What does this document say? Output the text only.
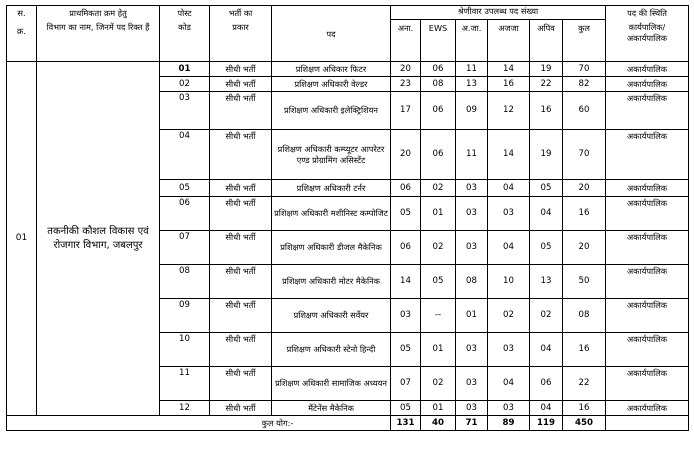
स.	प्राथमिकता क्रम हेतु	पोस्ट	भर्ती का	पद	श्रेणीवार उपलब्ध पद संख्या						पद की स्थिति
क्र.	विभाग का नाम, जिनमें पद रिक्त हैं	कोड	प्रकार		अना.	EWS	अ.जा.	अजजा	अपिव	कुल	कार्यपालिक/ अकार्यपालिक
01	तकनीकी कौशल विकास एवं रोजगार विभाग, जबलपुर	01	सीधी भर्ती	प्रशिक्षण अधिकार फिटर	20	06	11	14	19	70	अकार्यपालिक
		02	सीधी भर्ती	प्रशिक्षण अधिकारी वेल्डर	23	08	13	16	22	82	अकार्यपालिक
		03	सीधी भर्ती	प्रशिक्षण अधिकारी इलेक्ट्रिशियन	17	06	09	12	16	60	अकार्यपालिक
		04	सीधी भर्ती	प्रशिक्षण अधिकारी कम्प्यूटर आपरेटर एण्ड प्रोग्रामिंग असिस्टेंट	20	06	11	14	19	70	अकार्यपालिक
		05	सीधी भर्ती	प्रशिक्षण अधिकारी टर्नर	06	02	03	04	05	20	अकार्यपालिक
		06	सीधी भर्ती	प्रशिक्षण अधिकारी मशीनिस्ट कम्पोजिट	05	01	03	03	04	16	अकार्यपालिक
		07	सीधी भर्ती	प्रशिक्षण अधिकारी डीजल मैकेनिक	06	02	03	04	05	20	अकार्यपालिक
		08	सीधी भर्ती	प्रशिक्षण अधिकारी मोटर मैकेनिक	14	05	08	10	13	50	अकार्यपालिक
		09	सीधी भर्ती	प्रशिक्षण अधिकारी सर्वेयर	03	--	01	02	02	08	अकार्यपालिक
		10	सीधी भर्ती	प्रशिक्षण अधिकारी स्टेनो हिन्दी	05	01	03	03	04	16	अकार्यपालिक
		11	सीधी भर्ती	प्रशिक्षण अधिकारी सामाजिक अध्ययन	07	02	03	04	06	22	अकार्यपालिक
		12	सीधी भर्ती	मैंटेनेंस मैकेनिक	05	01	03	03	04	16	अकार्यपालिक
कुल योग:-					131	40	71	89	119	450	
